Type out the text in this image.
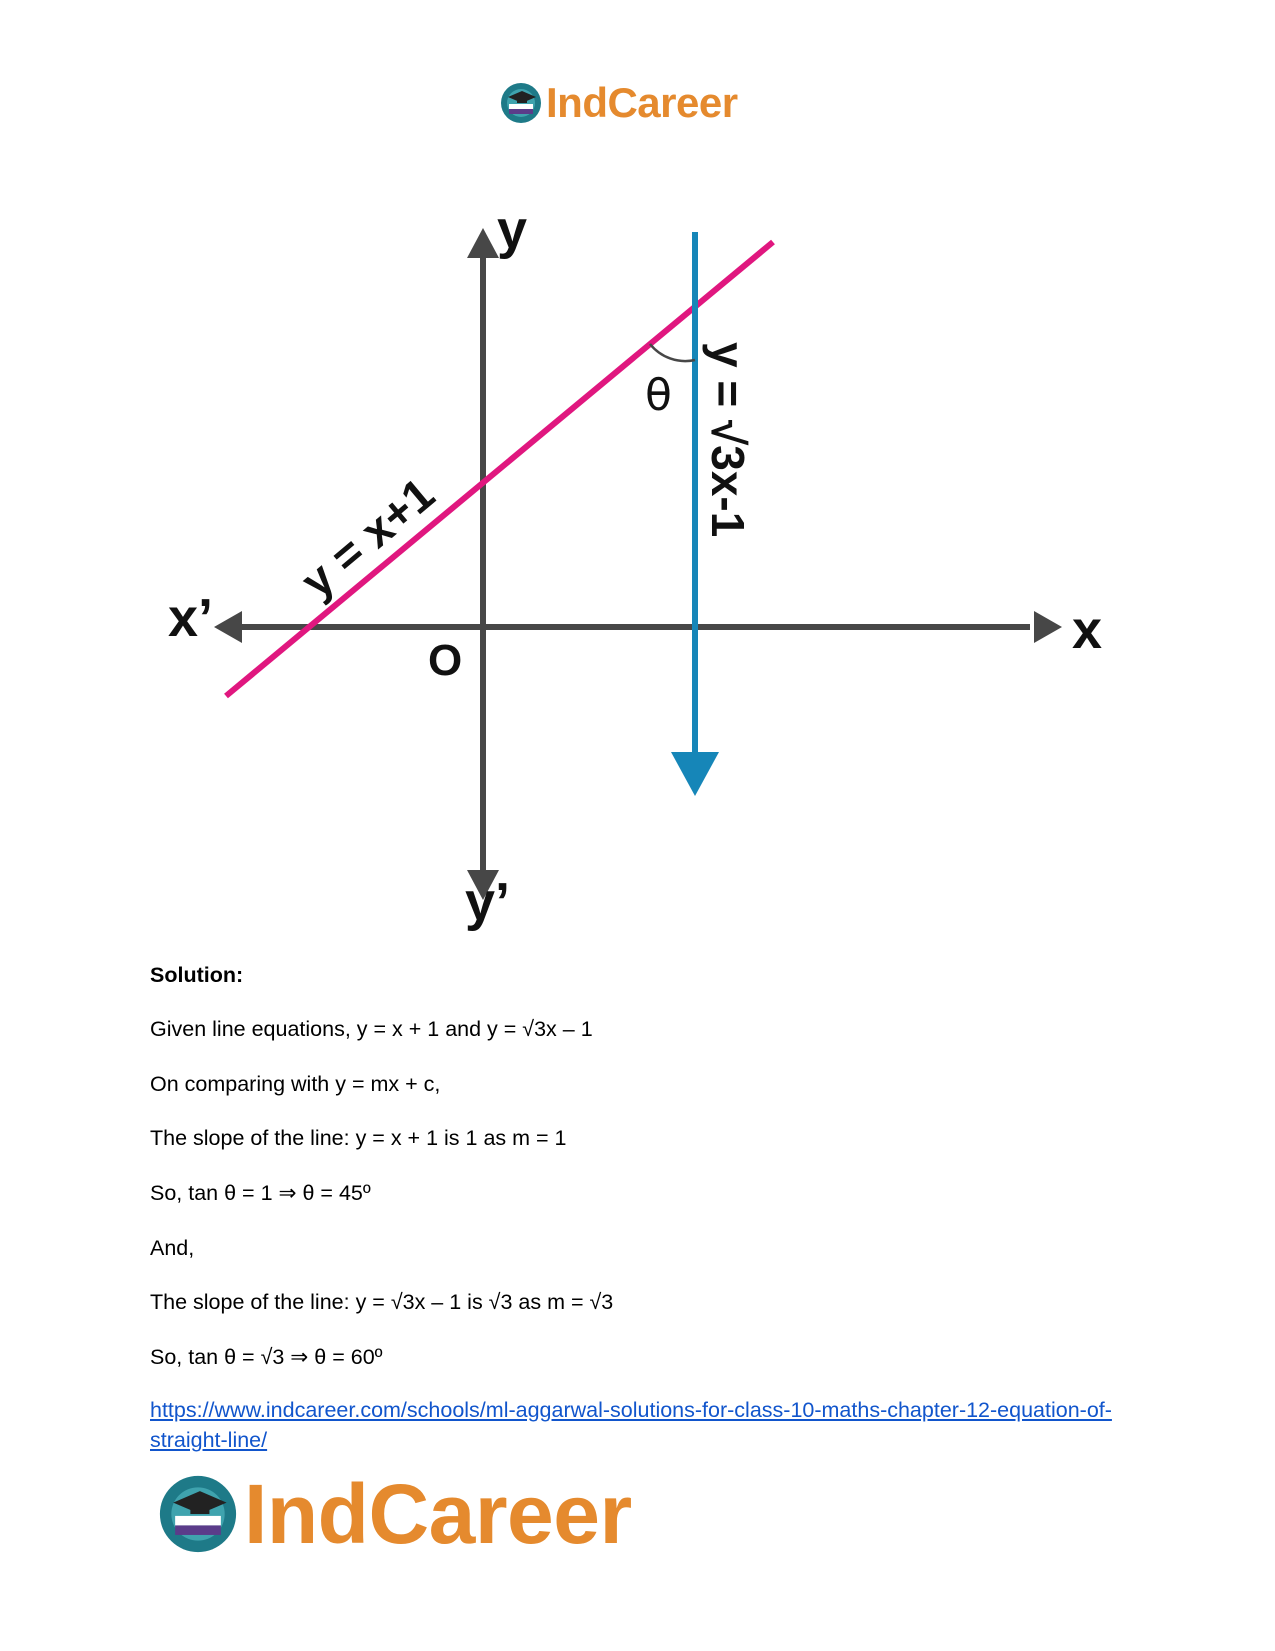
IndCareer
y
y’
x
x’
O
y = x+1
y = √3x-1
θ
Solution:
Given line equations, y = x + 1 and y = √3x – 1
On comparing with y = mx + c,
The slope of the line: y = x + 1 is 1 as m = 1
So, tan θ = 1 ⇒ θ = 45º
And,
The slope of the line: y = √3x – 1 is √3 as m = √3
So, tan θ = √3 ⇒ θ = 60º
https://www.indcareer.com/schools/ml-aggarwal-solutions-for-class-10-maths-chapter-12-equation-of-straight-line/
IndCareer
